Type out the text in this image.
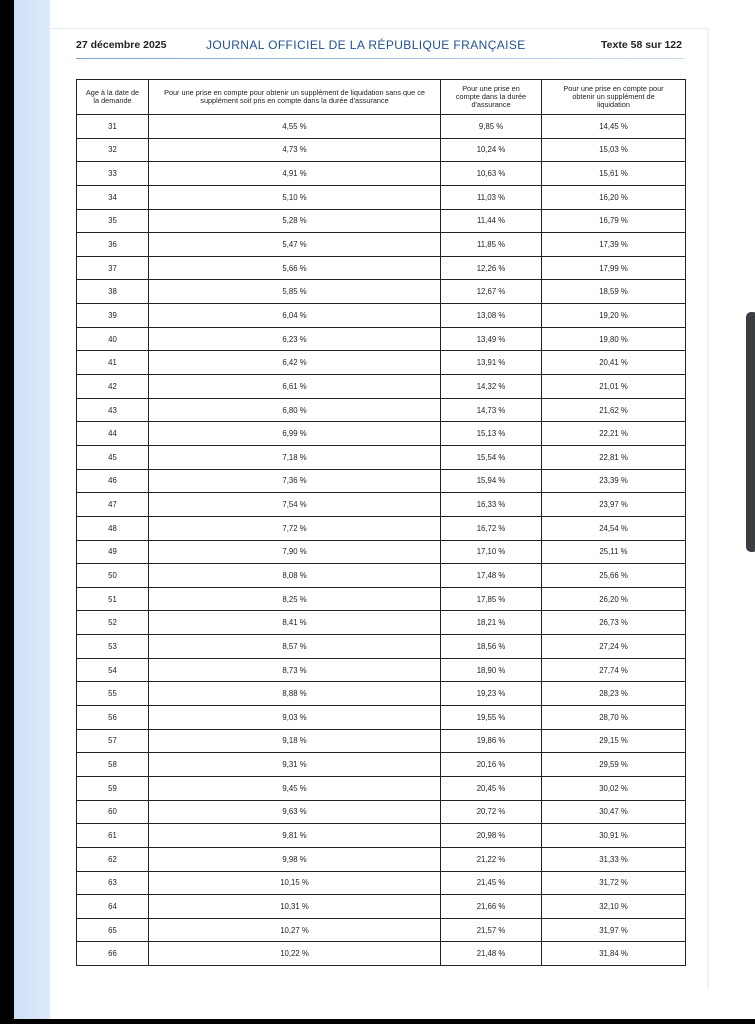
27 décembre 2025	JOURNAL OFFICIEL DE LA RÉPUBLIQUE FRANÇAISE	Texte 58 sur 122
Age à la date de la demande	Pour une prise en compte pour obtenir un supplément de liquidation sans que ce supplément soit pris en compte dans la durée d'assurance	Pour une prise en compte dans la durée d'assurance	Pour une prise en compte pour obtenir un supplément de liquidation

31	4,55 %	9,85 %	14,45 %
32	4,73 %	10,24 %	15,03 %
33	4,91 %	10,63 %	15,61 %
34	5,10 %	11,03 %	16,20 %
35	5,28 %	11,44 %	16,79 %
36	5,47 %	11,85 %	17,39 %
37	5,66 %	12,26 %	17,99 %
38	5,85 %	12,67 %	18,59 %
39	6,04 %	13,08 %	19,20 %
40	6,23 %	13,49 %	19,80 %
41	6,42 %	13,91 %	20,41 %
42	6,61 %	14,32 %	21,01 %
43	6,80 %	14,73 %	21,62 %
44	6,99 %	15,13 %	22,21 %
45	7,18 %	15,54 %	22,81 %
46	7,36 %	15,94 %	23,39 %
47	7,54 %	16,33 %	23,97 %
48	7,72 %	16,72 %	24,54 %
49	7,90 %	17,10 %	25,11 %
50	8,08 %	17,48 %	25,66 %
51	8,25 %	17,85 %	26,20 %
52	8,41 %	18,21 %	26,73 %
53	8,57 %	18,56 %	27,24 %
54	8,73 %	18,90 %	27,74 %
55	8,88 %	19,23 %	28,23 %
56	9,03 %	19,55 %	28,70 %
57	9,18 %	19,86 %	29,15 %
58	9,31 %	20,16 %	29,59 %
59	9,45 %	20,45 %	30,02 %
60	9,63 %	20,72 %	30,47 %
61	9,81 %	20,98 %	30,91 %
62	9,98 %	21,22 %	31,33 %
63	10,15 %	21,45 %	31,72 %
64	10,31 %	21,66 %	32,10 %
65	10,27 %	21,57 %	31,97 %
66	10,22 %	21,48 %	31,84 %
